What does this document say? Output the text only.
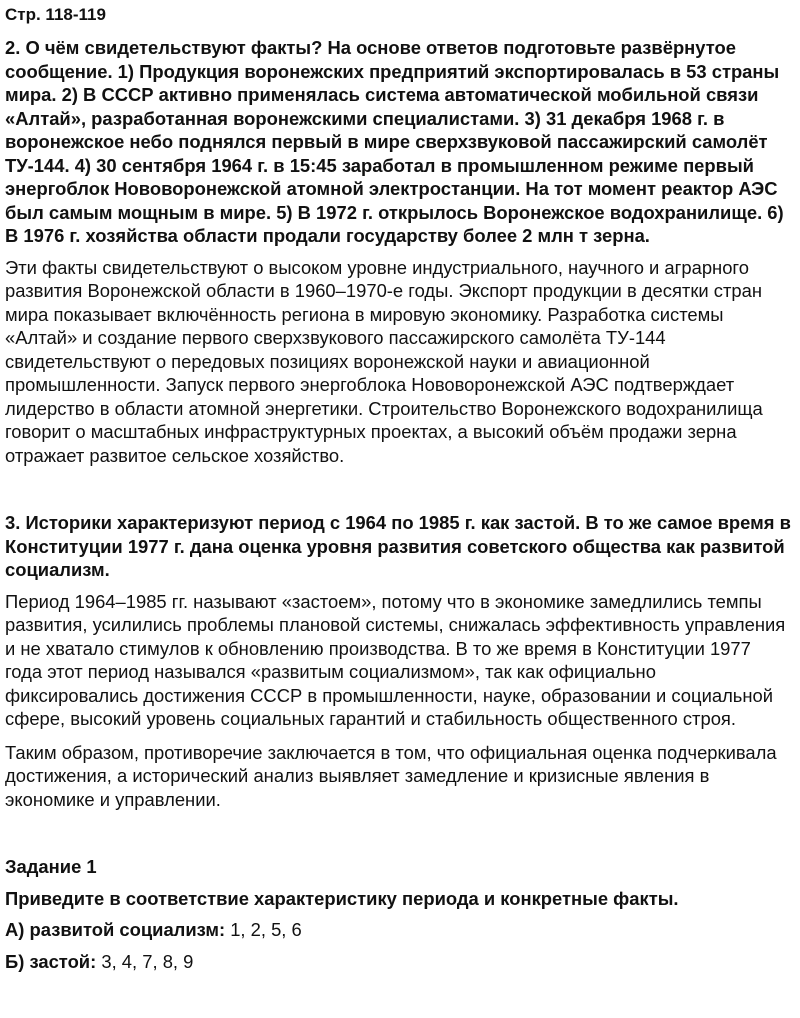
Стр. 118-119
2. О чём свидетельствуют факты? На основе ответов подготовьте развёрнутое сообщение. 1) Продукция воронежских предприятий экспортировалась в 53 страны мира. 2) В СССР активно применялась система автоматической мобильной связи «Алтай», разработанная воронежскими специалистами. 3) 31 декабря 1968 г. в воронежское небо поднялся первый в мире сверхзвуковой пассажирский самолёт ТУ-144. 4) 30 сентября 1964 г. в 15:45 заработал в промышленном режиме первый энергоблок Нововоронежской атомной электростанции. На тот момент реактор АЭС был самым мощным в мире. 5) В 1972 г. открылось Воронежское водохранилище. 6) В 1976 г. хозяйства области продали государству более 2 млн т зерна.
Эти факты свидетельствуют о высоком уровне индустриального, научного и аграрного развития Воронежской области в 1960–1970-е годы. Экспорт продукции в десятки стран мира показывает включённость региона в мировую экономику. Разработка системы «Алтай» и создание первого сверхзвукового пассажирского самолёта ТУ-144 свидетельствуют о передовых позициях воронежской науки и авиационной промышленности. Запуск первого энергоблока Нововоронежской АЭС подтверждает лидерство в области атомной энергетики. Строительство Воронежского водохранилища говорит о масштабных инфраструктурных проектах, а высокий объём продажи зерна отражает развитое сельское хозяйство.
3. Историки характеризуют период с 1964 по 1985 г. как застой. В то же самое время в Конституции 1977 г. дана оценка уровня развития советского общества как развитой социализм.
Период 1964–1985 гг. называют «застоем», потому что в экономике замедлились темпы развития, усилились проблемы плановой системы, снижалась эффективность управления и не хватало стимулов к обновлению производства. В то же время в Конституции 1977 года этот период назывался «развитым социализмом», так как официально фиксировались достижения СССР в промышленности, науке, образовании и социальной сфере, высокий уровень социальных гарантий и стабильность общественного строя.
Таким образом, противоречие заключается в том, что официальная оценка подчеркивала достижения, а исторический анализ выявляет замедление и кризисные явления в экономике и управлении.
Задание 1
Приведите в соответствие характеристику периода и конкретные факты.
А) развитой социализм: 1, 2, 5, 6
Б) застой: 3, 4, 7, 8, 9
